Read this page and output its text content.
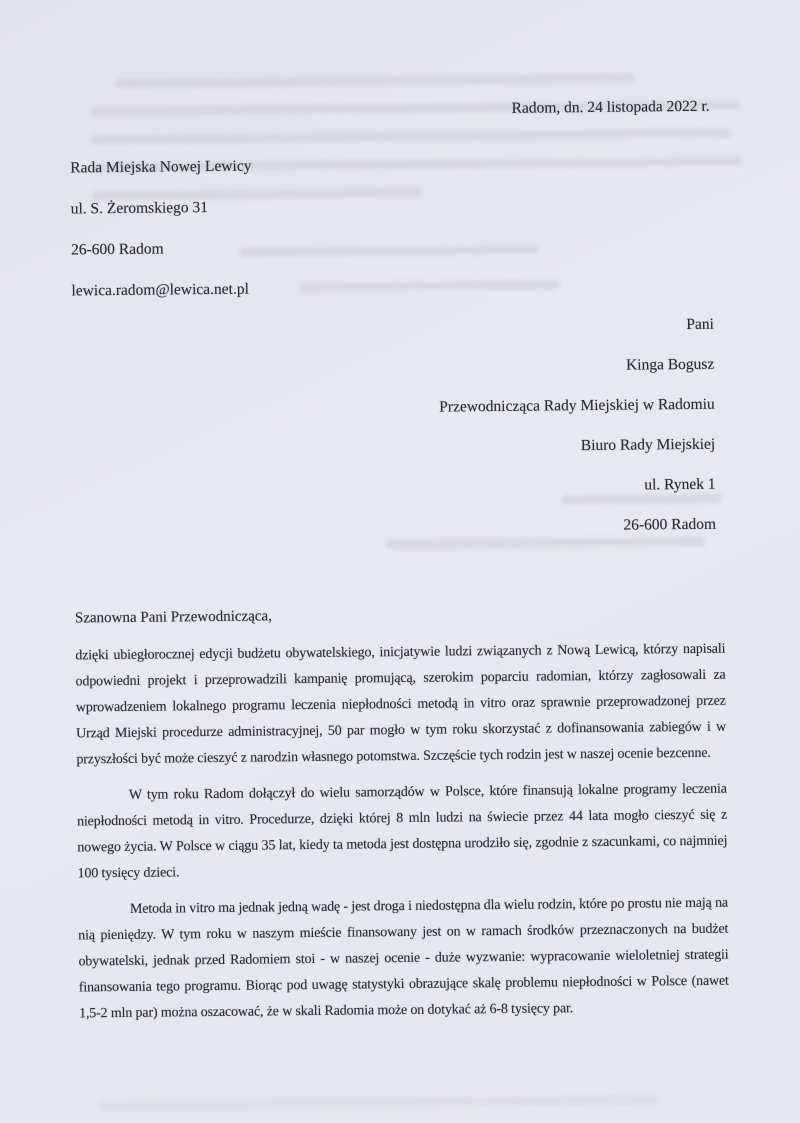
Radom, dn. 24 listopada 2022 r.
Rada Miejska Nowej Lewicy
ul. S. Żeromskiego 31
26-600 Radom
lewica.radom@lewica.net.pl
Pani
Kinga Bogusz
Przewodnicząca Rady Miejskiej w Radomiu
Biuro Rady Miejskiej
ul. Rynek 1
26-600 Radom
Szanowna Pani Przewodnicząca,
dzięki ubiegłorocznej edycji budżetu obywatelskiego, inicjatywie ludzi związanych z Nową Lewicą, którzy napisali odpowiedni projekt i przeprowadzili kampanię promującą, szerokim poparciu radomian, którzy zagłosowali za wprowadzeniem lokalnego programu leczenia niepłodności metodą in vitro oraz sprawnie przeprowadzonej przez Urząd Miejski procedurze administracyjnej, 50 par mogło w tym roku skorzystać z dofinansowania zabiegów i w przyszłości być może cieszyć z narodzin własnego potomstwa. Szczęście tych rodzin jest w naszej ocenie bezcenne.
W tym roku Radom dołączył do wielu samorządów w Polsce, które finansują lokalne programy leczenia niepłodności metodą in vitro. Procedurze, dzięki której 8 mln ludzi na świecie przez 44 lata mogło cieszyć się z nowego życia. W Polsce w ciągu 35 lat, kiedy ta metoda jest dostępna urodziło się, zgodnie z szacunkami, co najmniej 100 tysięcy dzieci.
Metoda in vitro ma jednak jedną wadę - jest droga i niedostępna dla wielu rodzin, które po prostu nie mają na nią pieniędzy. W tym roku w naszym mieście finansowany jest on w ramach środków przeznaczonych na budżet obywatelski, jednak przed Radomiem stoi - w naszej ocenie - duże wyzwanie: wypracowanie wieloletniej strategii finansowania tego programu. Biorąc pod uwagę statystyki obrazujące skalę problemu niepłodności w Polsce (nawet 1,5-2 mln par) można oszacować, że w skali Radomia może on dotykać aż 6-8 tysięcy par.
